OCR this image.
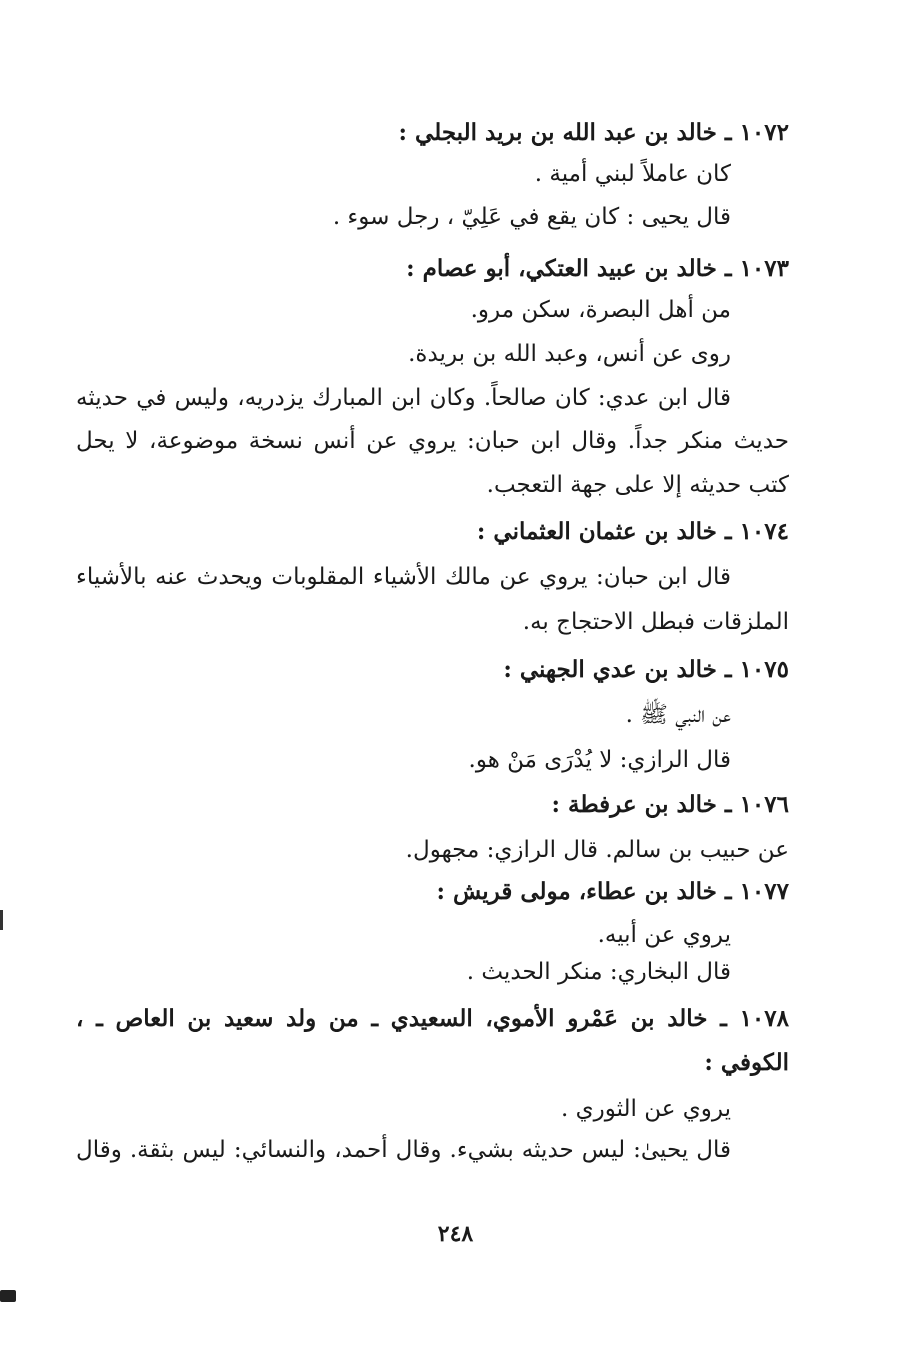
١٠٧٢ ـ خالد بن عبد الله بن بريد البجلي :
كان عاملاً لبني أمية .
قال يحيى : كان يقع في عَلِيّ ، رجل سوء .
١٠٧٣ ـ خالد بن عبيد العتكي، أبو عصام :
من أهل البصرة، سكن مرو.
روى عن أنس، وعبد الله بن بريدة.
قال ابن عدي: كان صالحاً. وكان ابن المبارك يزدريه، وليس في حديثه
حديث منكر جداً. وقال ابن حبان: يروي عن أنس نسخة موضوعة، لا يحل
كتب حديثه إلا على جهة التعجب.
١٠٧٤ ـ خالد بن عثمان العثماني :
قال ابن حبان: يروي عن مالك الأشياء المقلوبات ويحدث عنه بالأشياء
الملزقات فبطل الاحتجاج به.
١٠٧٥ ـ خالد بن عدي الجهني :
عن النبي ﷺ .
قال الرازي: لا يُدْرَى مَنْ هو.
١٠٧٦ ـ خالد بن عرفطة :
عن حبيب بن سالم. قال الرازي: مجهول.
١٠٧٧ ـ خالد بن عطاء، مولى قريش :
يروي عن أبيه.
قال البخاري: منكر الحديث .
١٠٧٨ ـ خالد بن عَمْرو الأموي، السعيدي ـ من ولد سعيد بن العاص ـ ،
الكوفي :
يروي عن الثوري .
قال يحيىٰ: ليس حديثه بشيء. وقال أحمد، والنسائي: ليس بثقة. وقال
٢٤٨
